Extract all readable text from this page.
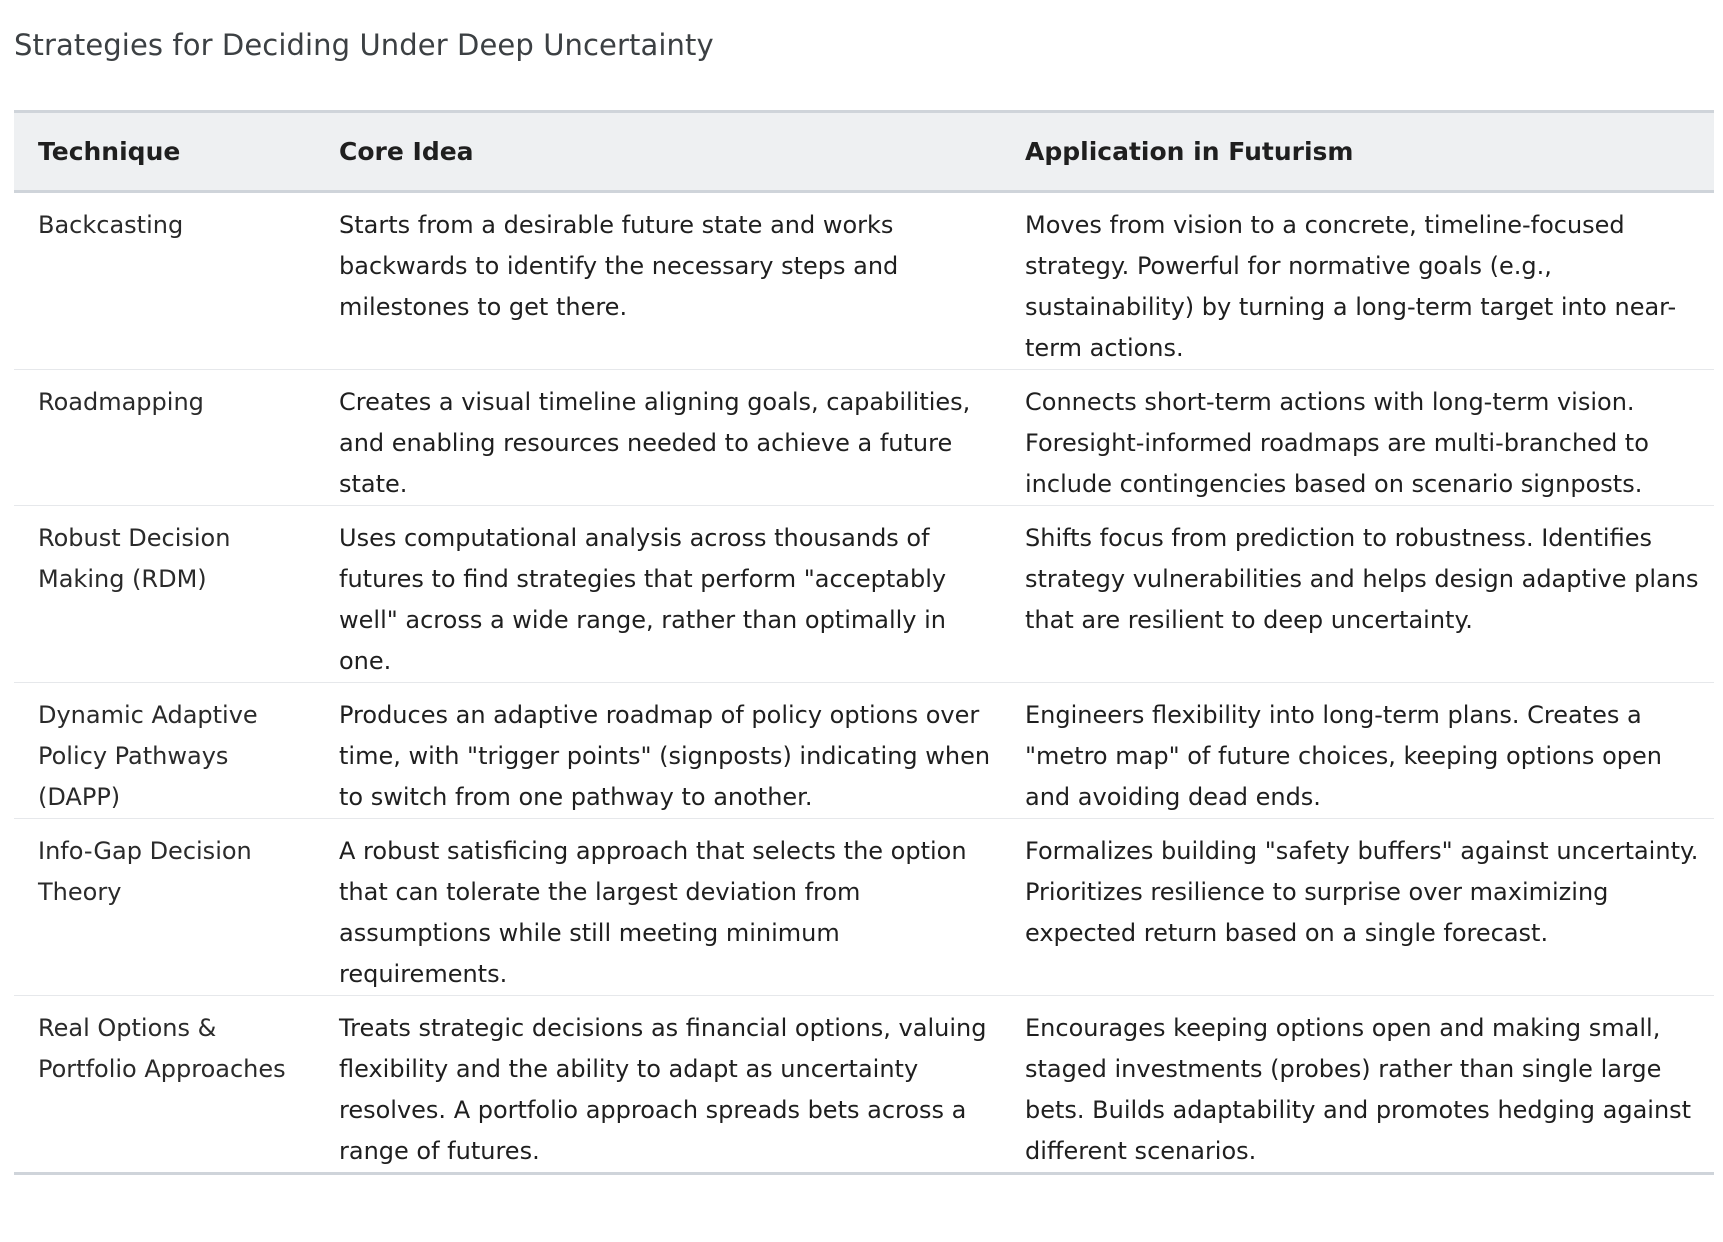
Strategies for Deciding Under Deep Uncertainty
Technique	Core Idea	Application in Futurism
Backcasting	Starts from a desirable future state and works backwards to identify the necessary steps and milestones to get there.	Moves from vision to a concrete, timeline-focused strategy. Powerful for normative goals (e.g., sustainability) by turning a long-term target into near-term actions.
Roadmapping	Creates a visual timeline aligning goals, capabilities, and enabling resources needed to achieve a future state.	Connects short-term actions with long-term vision. Foresight-informed roadmaps are multi-branched to include contingencies based on scenario signposts.
Robust Decision Making (RDM)	Uses computational analysis across thousands of futures to find strategies that perform "acceptably well" across a wide range, rather than optimally in one.	Shifts focus from prediction to robustness. Identifies strategy vulnerabilities and helps design adaptive plans that are resilient to deep uncertainty.
Dynamic Adaptive Policy Pathways (DAPP)	Produces an adaptive roadmap of policy options over time, with "trigger points" (signposts) indicating when to switch from one pathway to another.	Engineers flexibility into long-term plans. Creates a "metro map" of future choices, keeping options open and avoiding dead ends.
Info-Gap Decision Theory	A robust satisficing approach that selects the option that can tolerate the largest deviation from assumptions while still meeting minimum requirements.	Formalizes building "safety buffers" against uncertainty. Prioritizes resilience to surprise over maximizing expected return based on a single forecast.
Real Options & Portfolio Approaches	Treats strategic decisions as financial options, valuing flexibility and the ability to adapt as uncertainty resolves. A portfolio approach spreads bets across a range of futures.	Encourages keeping options open and making small, staged investments (probes) rather than single large bets. Builds adaptability and promotes hedging against different scenarios.
